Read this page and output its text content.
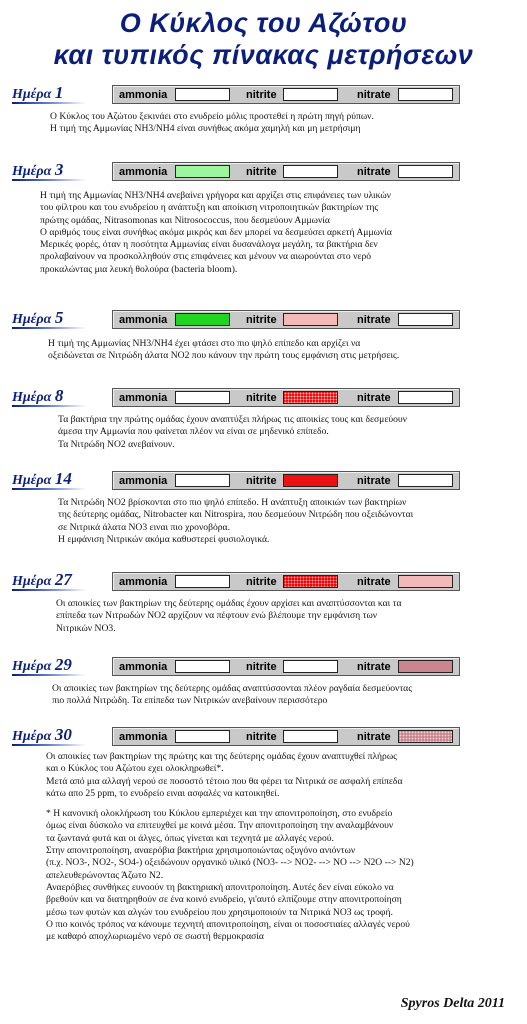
Ο Κύκλος του Αζώτου
και τυπικός πίνακας μετρήσεων
Ημέρα 1	ammonia	nitrite	nitrate
Ο Κύκλος του Αζώτου ξεκινάει στο ενυδρείο μόλις προστεθεί η πρώτη πηγή ρύπων.
Η τιμή της Αμμωνίας NH3/NH4 είναι συνήθως ακόμα χαμηλή και μη μετρήσιμη
Ημέρα 3	ammonia	nitrite	nitrate
Η τιμή της Αμμωνίας NH3/NH4 ανεβαίνει γρήγορα και αρχίζει στις επιφάνειες των υλικών
του φίλτρου και του ενυδρείου η ανάπτυξη και αποίκιση νιτροποιητικών βακτηρίων της
πρώτης ομάδας, Nitrasomonas και Nitrosococcus, που δεσμεύουν Αμμωνία
Ο αριθμός τους είναι συνήθως ακόμα μικρός και δεν μπορεί να δεσμεύσει αρκετή Αμμωνία
Μερικές φορές, όταν η ποσότητα Αμμωνίας είναι δυσανάλογα μεγάλη, τα βακτήρια δεν
προλαβαίνουν να προσκολληθούν στις επιφάνειες και μένουν να αιωρούνται στο νερό
προκαλώντας μια λευκή θολούρα (bacteria bloom).
Ημέρα 5	ammonia	nitrite	nitrate
Η τιμή της Αμμωνίας NH3/NH4 έχει φτάσει στο πιο ψηλό επίπεδο και αρχίζει να
οξειδώνεται σε Νιτρώδη άλατα NO2 που κάνουν την πρώτη τους εμφάνιση στις μετρήσεις.
Ημέρα 8	ammonia	nitrite	nitrate
Τα βακτήρια την πρώτης ομάδας έχουν αναπτύξει πλήρως τις αποικίες τους και δεσμεύουν
άμεσα την Αμμωνία που φαίνεται πλέον να είναι σε μηδενικό επίπεδο.
Τα Νιτρώδη NO2 ανεβαίνουν.
Ημέρα 14	ammonia	nitrite	nitrate
Τα Νιτρώδη NO2 βρίσκονται στο πιο ψηλό επίπεδο. Η ανάπτυξη αποικιών των βακτηρίων
της δεύτερης ομάδας, Nitrobacter και Nitrospira, που δεσμεύουν Νιτρώδη που οξειδώνονται
σε Νιτρικά άλατα NO3 ειναι πιο χρονοβόρα.
Η εμφάνιση Νιτρικών ακόμα καθυστερεί φυσιολογικά.
Ημέρα 27	ammonia	nitrite	nitrate
Οι αποικίες των βακτηρίων της δεύτερης ομάδας έχουν αρχίσει και αναπτύσσονται και τα
επίπεδα των Νιτρωδών NO2 αρχίζουν να πέφτουν ενώ βλέπουμε την εμφάνιση των
Νιτρικών NO3.
Ημέρα 29	ammonia	nitrite	nitrate
Οι αποικίες των βακτηρίων της δεύτερης ομάδας αναπτύσσονται πλέον ραγδαία δεσμεύοντας
πιο πολλά Νιτρώδη. Τα επίπεδα των Νιτρικών ανεβαίνουν περισσότερο
Ημέρα 30	ammonia	nitrite	nitrate
Οι αποικίες των βακτηρίων της πρώτης και της δεύτερης ομάδας έχουν αναπτυχθεί πλήρως
και ο Κύκλος του Αζώτου εχει ολοκληρωθεί*.
Μετά από μια αλλαγή νερού σε ποσοστό τέτοιο που θα φέρει τα Νιτρικά σε ασφαλή επίπεδα
κάτω απο 25 ppm, το ενυδρείο ειναι ασφαλές να κατοικηθεί.
* Η κανονική ολοκλήρωση του Κύκλου εμπεριέχει και την απονιτροποίηση, στο ενυδρείο
όμως είναι δύσκολο να επιτευχθεί με κοινά μέσα. Την απονιτροποίηση την αναλαμβάνουν
τα ζωντανά φυτά και οι άλγες, όπως γίνεται και τεχνητά με αλλαγές νερού.
Στην απονιτροποίηση, αναερόβια βακτήρια χρησιμοποιώντας οξυγόνο ανιόντων
(π.χ. NO3-, NO2-, SO4-) οξειδώνουν οργανικό υλικό (NO3- --> NO2- --> NO --> N2O --> N2)
απελευθερώνοντας Άζωτο N2.
Αναερόβιες συνθήκες ευνοούν τη βακτηριακή απονιτροποίηση. Αυτές δεν είναι εύκολο να
βρεθούν και να διατηρηθούν σε ένα κοινό ενυδρείο, γι'αυτό ελπίζουμε στην απονιτροποίηση
μέσω των φυτών και αλγών του ενυδρείου που χρησιμοποιούν τα Νιτρικά NO3 ως τροφή.
Ο πιο κοινός τρόπος να κάνουμε τεχνητή απονιτροποίηση, είναι οι ποσοστιαίες αλλαγές νερού
με καθαρό αποχλωριωμένο νερό σε σωστή θερμοκρασία
Spyros Delta 2011
